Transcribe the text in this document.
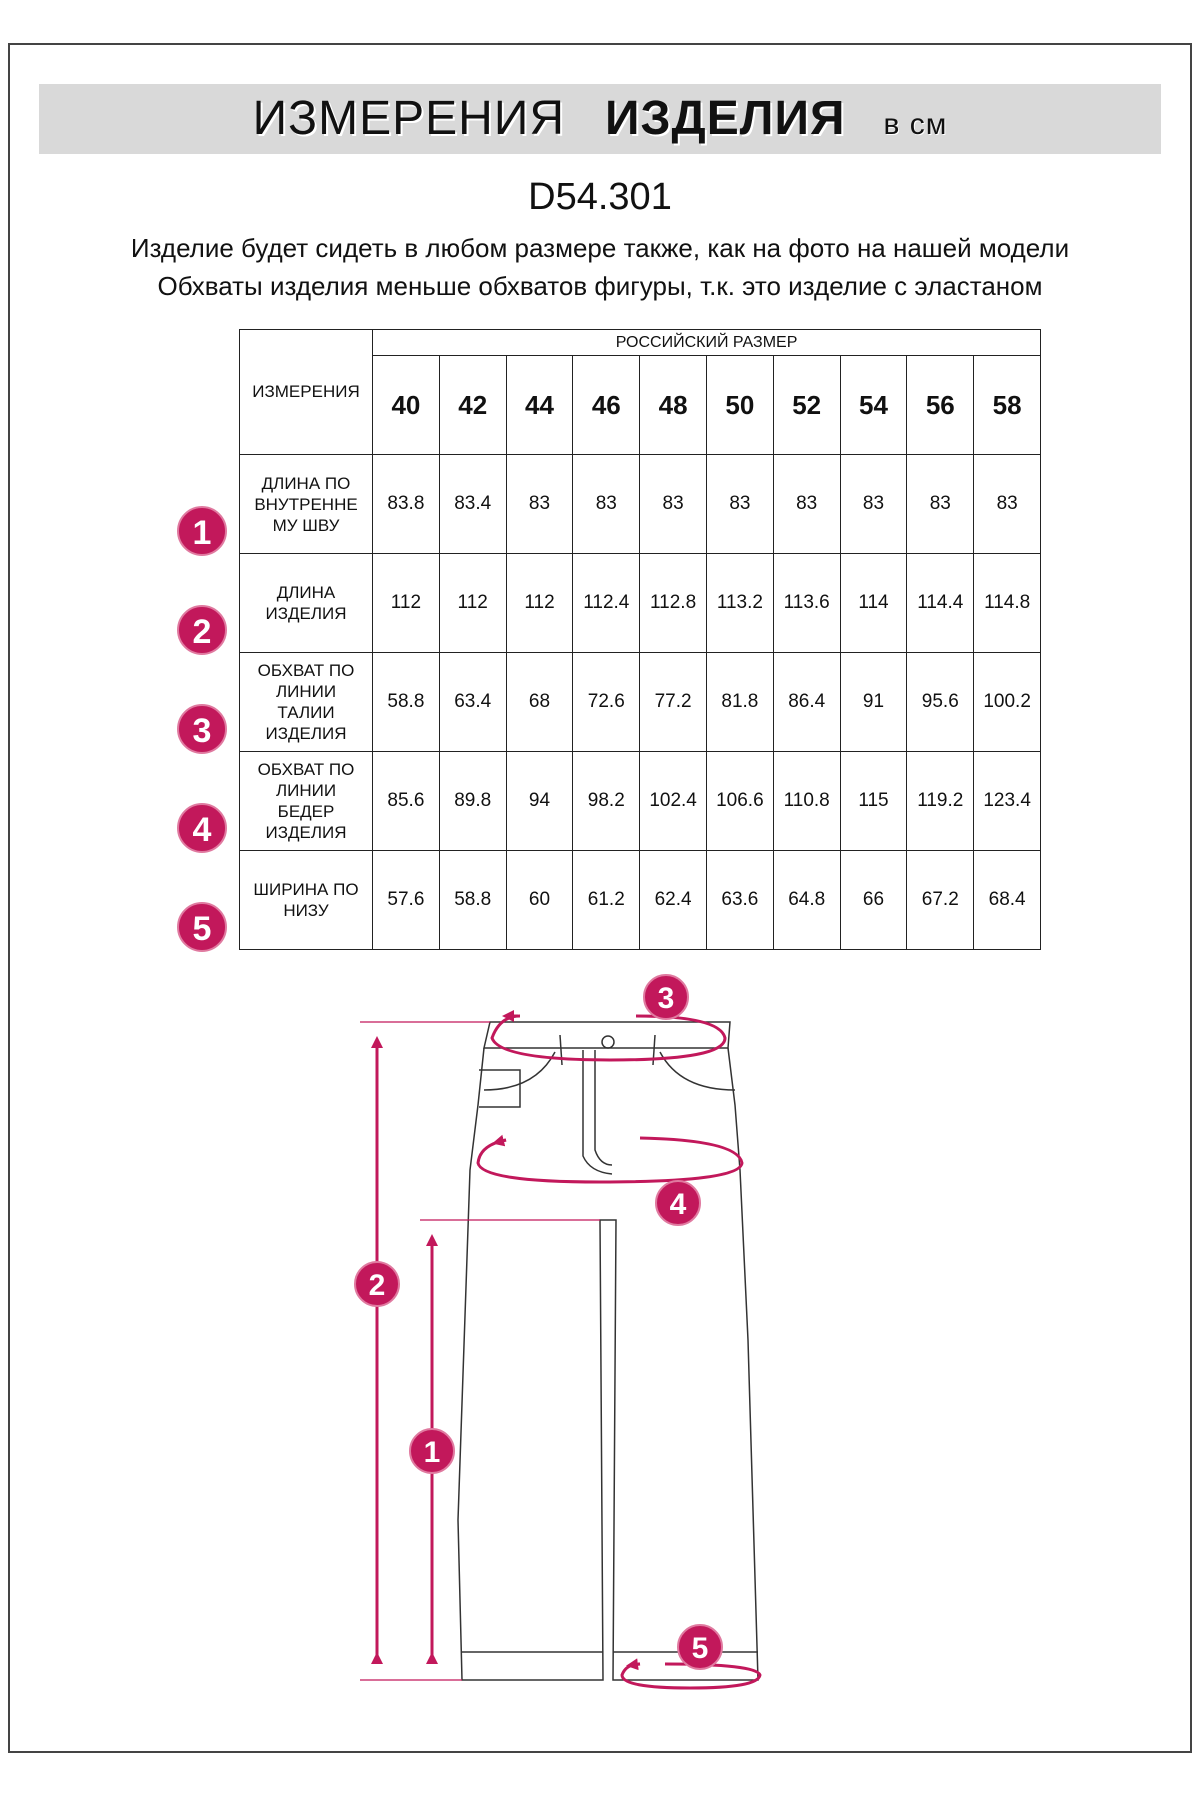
ИЗМЕРЕНИЯ ИЗДЕЛИЯ в см
D54.301
Изделие будет сидеть в любом размере также, как на фото на нашей модели
Обхваты изделия меньше обхватов фигуры, т.к. это изделие с эластаном
ИЗМЕРЕНИЯ	РОССИЙСКИЙ РАЗМЕР									
	40	42	44	46	48	50	52	54	56	58

ДЛИНА ПО
ВНУТРЕННЕ
МУ ШВУ	83.8	83.4	83	83	83	83	83	83	83	83

ДЛИНА
ИЗДЕЛИЯ	112	112	112	112.4	112.8	113.2	113.6	114	114.4	114.8

ОБХВАТ ПО
ЛИНИИ
ТАЛИИ
ИЗДЕЛИЯ	58.8	63.4	68	72.6	77.2	81.8	86.4	91	95.6	100.2

ОБХВАТ ПО
ЛИНИИ
БЕДЕР
ИЗДЕЛИЯ	85.6	89.8	94	98.2	102.4	106.6	110.8	115	119.2	123.4

ШИРИНА ПО
НИЗУ	57.6	58.8	60	61.2	62.4	63.6	64.8	66	67.2	68.4
1
2
3
4
5
3
4
2
1
5
